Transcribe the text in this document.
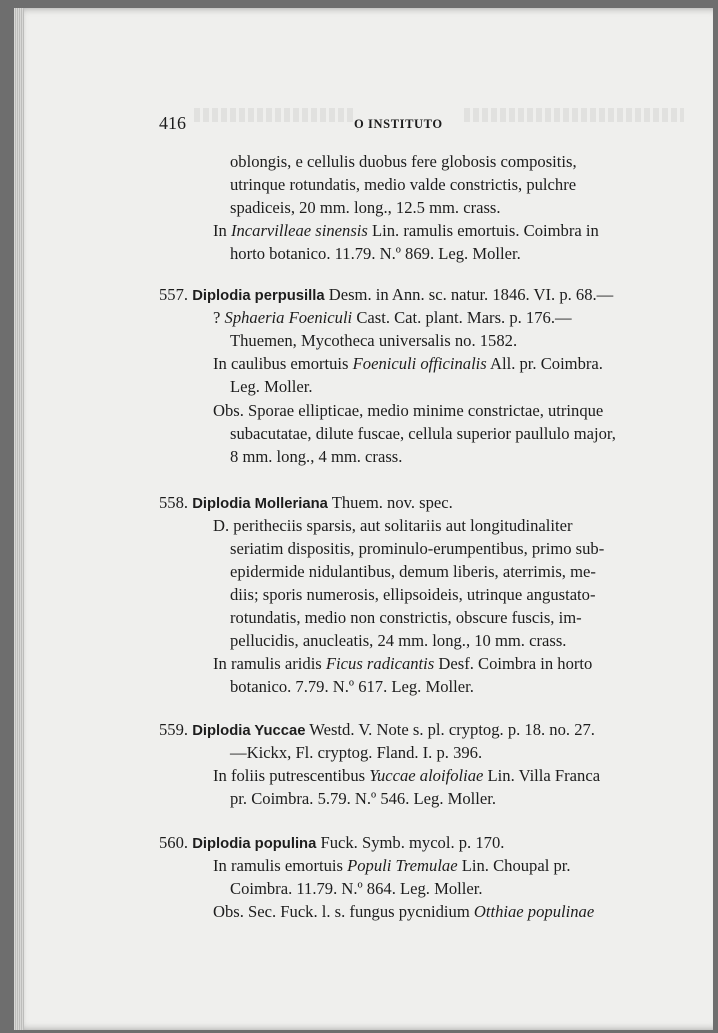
416	O INSTITUTO
oblongis, e cellulis duobus fere globosis compositis,
utrinque rotundatis, medio valde constrictis, pulchre
spadiceis, 20 mm. long., 12.5 mm. crass.
In Incarvilleae sinensis Lin. ramulis emortuis. Coimbra in
horto botanico. 11.79. N.º 869. Leg. Moller.
557. Diplodia perpusilla Desm. in Ann. sc. natur. 1846. VI. p. 68.—
? Sphaeria Foeniculi Cast. Cat. plant. Mars. p. 176.—
Thuemen, Mycotheca universalis no. 1582.
In caulibus emortuis Foeniculi officinalis All. pr. Coimbra.
Leg. Moller.
Obs. Sporae ellipticae, medio minime constrictae, utrinque
subacutatae, dilute fuscae, cellula superior paullulo major,
8 mm. long., 4 mm. crass.
558. Diplodia Molleriana Thuem. nov. spec.
D. peritheciis sparsis, aut solitariis aut longitudinaliter
seriatim dispositis, prominulo-erumpentibus, primo sub-
epidermide nidulantibus, demum liberis, aterrimis, me-
diis; sporis numerosis, ellipsoideis, utrinque angustato-
rotundatis, medio non constrictis, obscure fuscis, im-
pellucidis, anucleatis, 24 mm. long., 10 mm. crass.
In ramulis aridis Ficus radicantis Desf. Coimbra in horto
botanico. 7.79. N.º 617. Leg. Moller.
559. Diplodia Yuccae Westd. V. Note s. pl. cryptog. p. 18. no. 27.
—Kickx, Fl. cryptog. Fland. I. p. 396.
In foliis putrescentibus Yuccae aloifoliae Lin. Villa Franca
pr. Coimbra. 5.79. N.º 546. Leg. Moller.
560. Diplodia populina Fuck. Symb. mycol. p. 170.
In ramulis emortuis Populi Tremulae Lin. Choupal pr.
Coimbra. 11.79. N.º 864. Leg. Moller.
Obs. Sec. Fuck. l. s. fungus pycnidium Otthiae populinae
